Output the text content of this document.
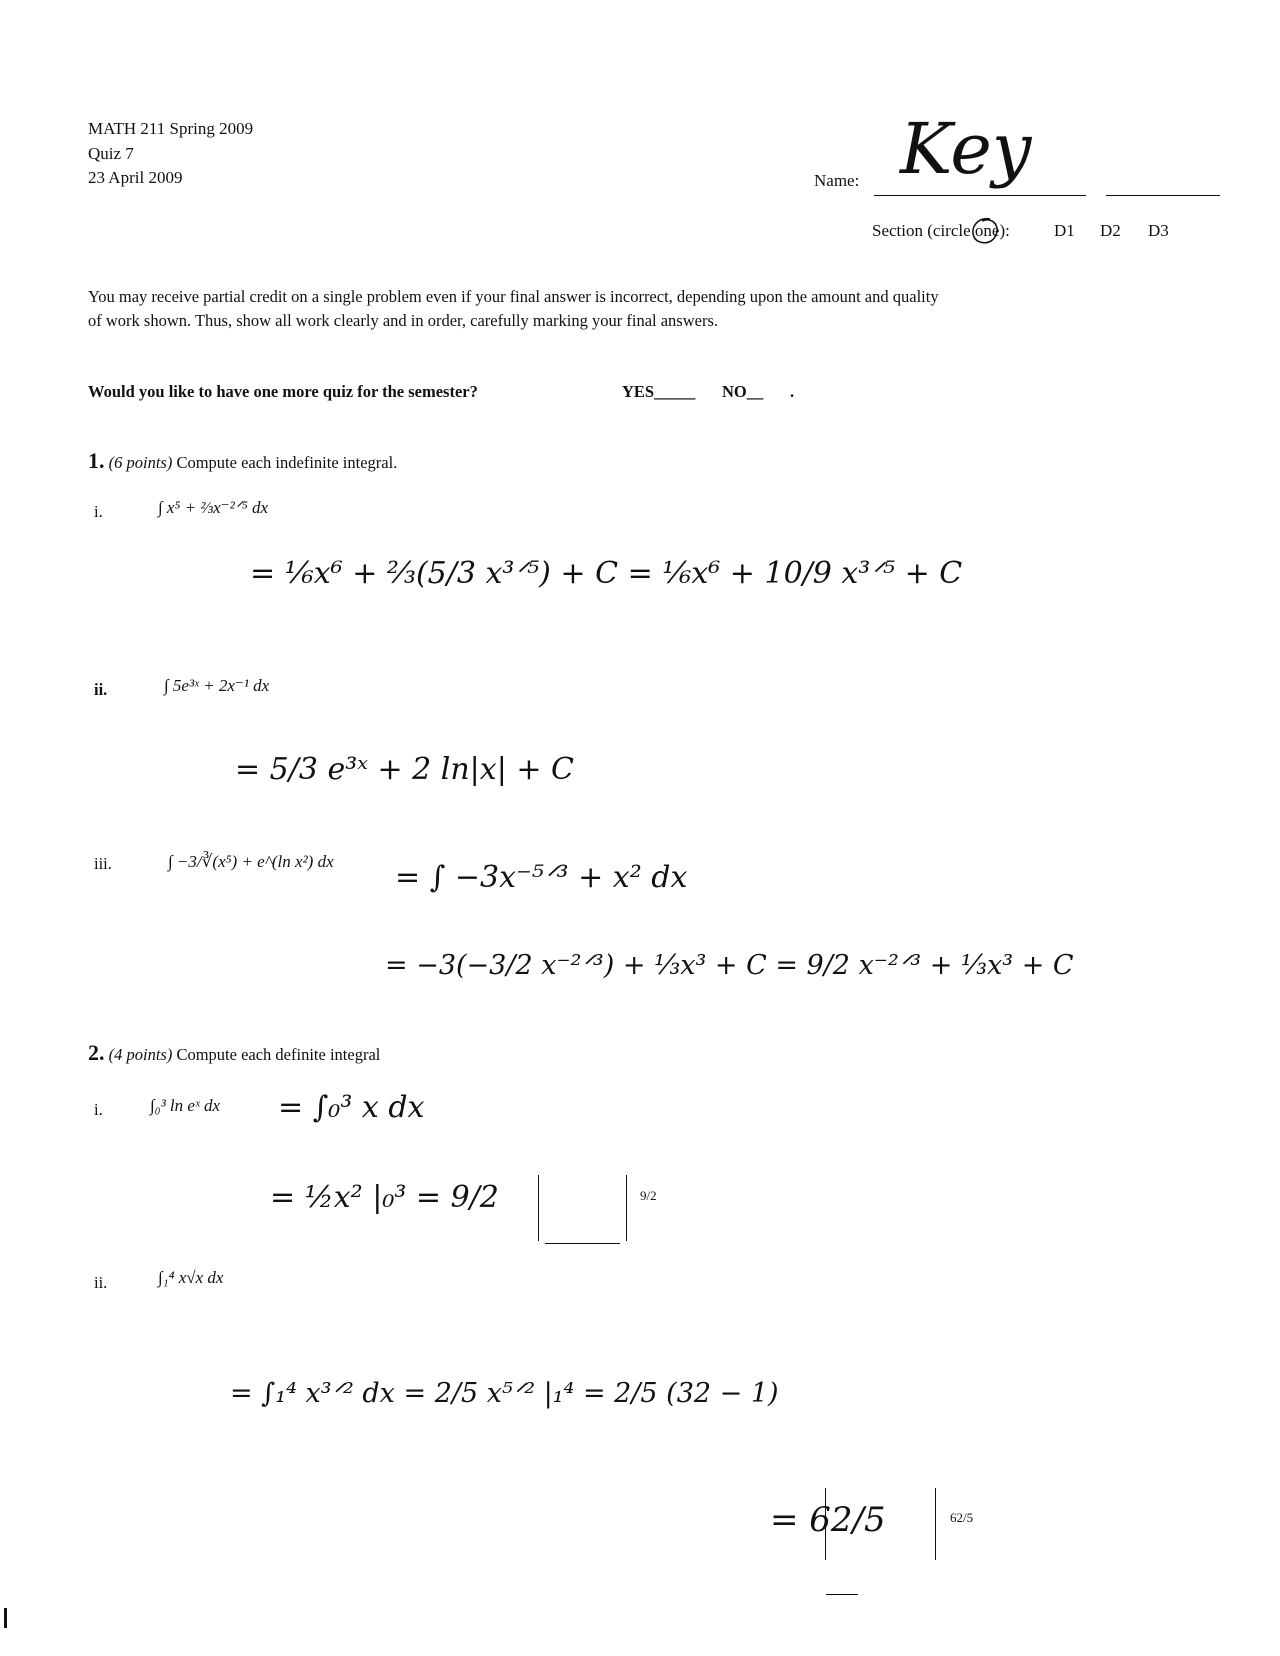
MATH 211 Spring 2009
Quiz 7
23 April 2009	Name: Key
Section (circle one):	D1 D2 D3
You may receive partial credit on a single problem even if your final answer is incorrect, depending upon the amount and quality
of work shown. Thus, show all work clearly and in order, carefully marking your final answers.
Would you like to have one more quiz for the semester?	YES_____ NO__ .
1. (6 points) Compute each indefinite integral.
i.	∫ x⁵ + ⅔x⁻²ᐟ⁵ dx
= ⅙x⁶ + ⅔(5/3 x³ᐟ⁵) + C = ⅙x⁶ + 10/9 x³ᐟ⁵ + C
ii.	∫ 5e³ˣ + 2x⁻¹ dx
= 5/3 e³ˣ + 2 ln|x| + C
iii.	∫ −3/∛(x⁵) + e^(ln x²) dx = ∫ −3x⁻⁵ᐟ³ + x² dx
= −3(−3/2 x⁻²ᐟ³) + ⅓x³ + C = 9/2 x⁻²ᐟ³ + ⅓x³ + C
2. (4 points) Compute each definite integral
i.	∫₀³ ln eˣ dx = ∫₀³ x dx
= ½x² |₀³ = 9/2	9/2
ii.	∫₁⁴ x√x dx
= ∫₁⁴ x³ᐟ² dx = 2/5 x⁵ᐟ² |₁⁴ = 2/5 (32 − 1)
= 62/5	62/5
